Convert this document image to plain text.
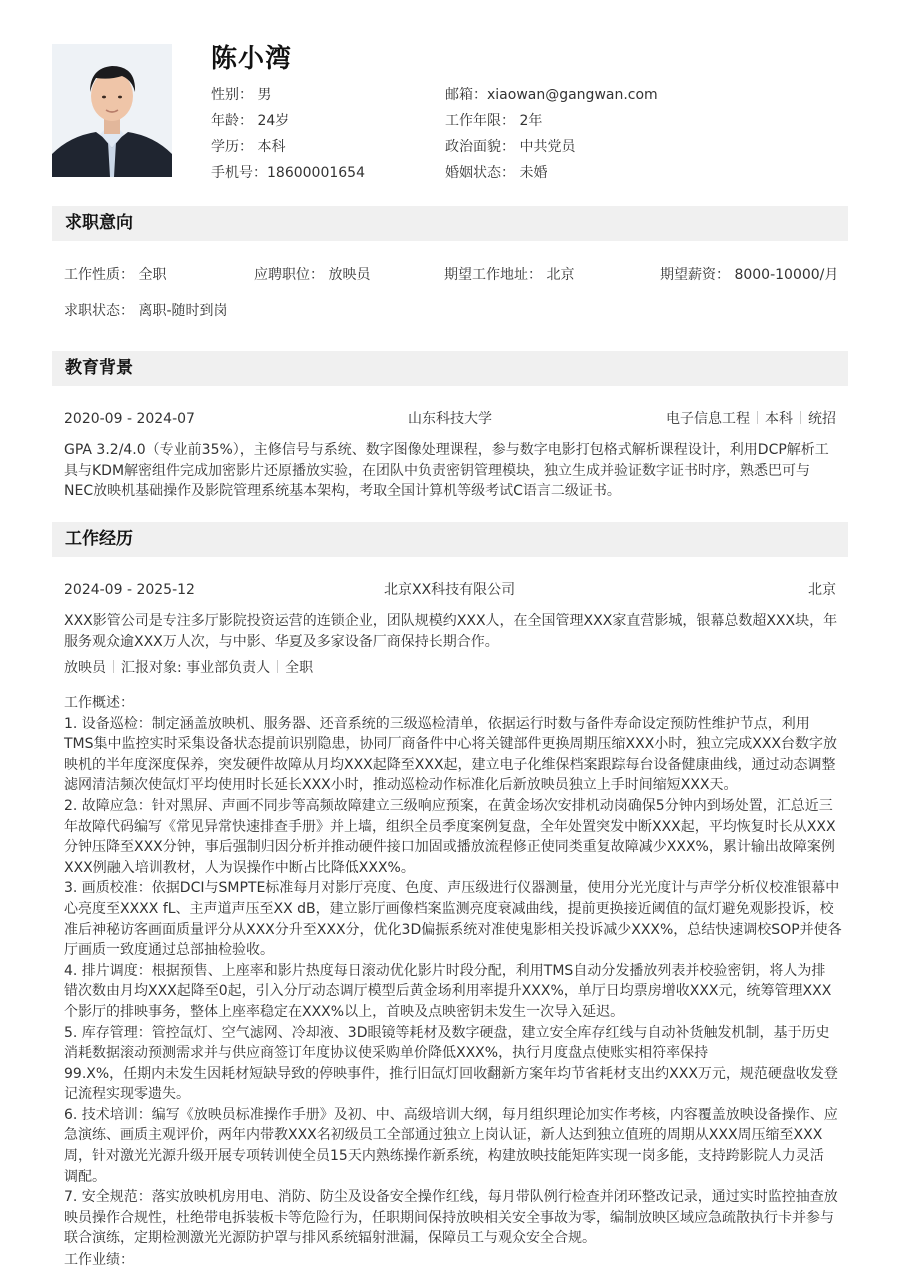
陈小湾
性别： 男	邮箱：xiaowan@gangwan.com
年龄： 24岁	工作年限： 2年
学历： 本科	政治面貌： 中共党员
手机号：18600001654	婚姻状态： 未婚
求职意向
工作性质： 全职	应聘职位： 放映员	期望工作地址： 北京	期望薪资： 8000-10000/月
求职状态： 离职-随时到岗
教育背景
2020-09 - 2024-07	山东科技大学	电子信息工程 本科 统招
GPA 3.2/4.0（专业前35%），主修信号与系统、数字图像处理课程，参与数字电影打包格式解析课程设计，利用DCP解析工
具与KDM解密组件完成加密影片还原播放实验，在团队中负责密钥管理模块，独立生成并验证数字证书时序，熟悉巴可与
NEC放映机基础操作及影院管理系统基本架构，考取全国计算机等级考试C语言二级证书。
工作经历
2024-09 - 2025-12	北京XX科技有限公司	北京
XXX影管公司是专注多厅影院投资运营的连锁企业，团队规模约XXX人，在全国管理XXX家直营影城，银幕总数超XXX块，年
服务观众逾XXX万人次，与中影、华夏及多家设备厂商保持长期合作。
放映员 汇报对象: 事业部负责人 全职
工作概述：
1. 设备巡检：制定涵盖放映机、服务器、还音系统的三级巡检清单，依据运行时数与备件寿命设定预防性维护节点，利用
TMS集中监控实时采集设备状态提前识别隐患，协同厂商备件中心将关键部件更换周期压缩XXX小时，独立完成XXX台数字放
映机的半年度深度保养，突发硬件故障从月均XXX起降至XXX起，建立电子化维保档案跟踪每台设备健康曲线，通过动态调整
滤网清洁频次使氙灯平均使用时长延长XXX小时，推动巡检动作标准化后新放映员独立上手时间缩短XXX天。
2. 故障应急：针对黑屏、声画不同步等高频故障建立三级响应预案，在黄金场次安排机动岗确保5分钟内到场处置，汇总近三
年故障代码编写《常见异常快速排查手册》并上墙，组织全员季度案例复盘，全年处置突发中断XXX起，平均恢复时长从XXX
分钟压降至XXX分钟，事后强制归因分析并推动硬件接口加固或播放流程修正使同类重复故障减少XXX%，累计输出故障案例
XXX例融入培训教材，人为误操作中断占比降低XXX%。
3. 画质校准：依据DCI与SMPTE标准每月对影厅亮度、色度、声压级进行仪器测量，使用分光光度计与声学分析仪校准银幕中
心亮度至XXXX fL、主声道声压至XX dB，建立影厅画像档案监测亮度衰减曲线，提前更换接近阈值的氙灯避免观影投诉，校
准后神秘访客画面质量评分从XXX分升至XXX分，优化3D偏振系统对准使鬼影相关投诉减少XXX%，总结快速调校SOP并使各
厅画质一致度通过总部抽检验收。
4. 排片调度：根据预售、上座率和影片热度每日滚动优化影片时段分配，利用TMS自动分发播放列表并校验密钥，将人为排
错次数由月均XXX起降至0起，引入分厅动态调厅模型后黄金场利用率提升XXX%，单厅日均票房增收XXX元，统筹管理XXX
个影厅的排映事务，整体上座率稳定在XXX%以上，首映及点映密钥未发生一次导入延迟。
5. 库存管理：管控氙灯、空气滤网、冷却液、3D眼镜等耗材及数字硬盘，建立安全库存红线与自动补货触发机制，基于历史
消耗数据滚动预测需求并与供应商签订年度协议使采购单价降低XXX%，执行月度盘点使账实相符率保持
99.X%，任期内未发生因耗材短缺导致的停映事件，推行旧氙灯回收翻新方案年均节省耗材支出约XXX万元，规范硬盘收发登
记流程实现零遗失。
6. 技术培训：编写《放映员标准操作手册》及初、中、高级培训大纲，每月组织理论加实作考核，内容覆盖放映设备操作、应
急演练、画质主观评价，两年内带教XXX名初级员工全部通过独立上岗认证，新人达到独立值班的周期从XXX周压缩至XXX
周，针对激光光源升级开展专项转训使全员15天内熟练操作新系统，构建放映技能矩阵实现一岗多能，支持跨影院人力灵活
调配。
7. 安全规范：落实放映机房用电、消防、防尘及设备安全操作红线，每月带队例行检查并闭环整改记录，通过实时监控抽查放
映员操作合规性，杜绝带电拆装板卡等危险行为，任职期间保持放映相关安全事故为零，编制放映区域应急疏散执行卡并参与
联合演练，定期检测激光光源防护罩与排风系统辐射泄漏，保障员工与观众安全合规。
工作业绩：
